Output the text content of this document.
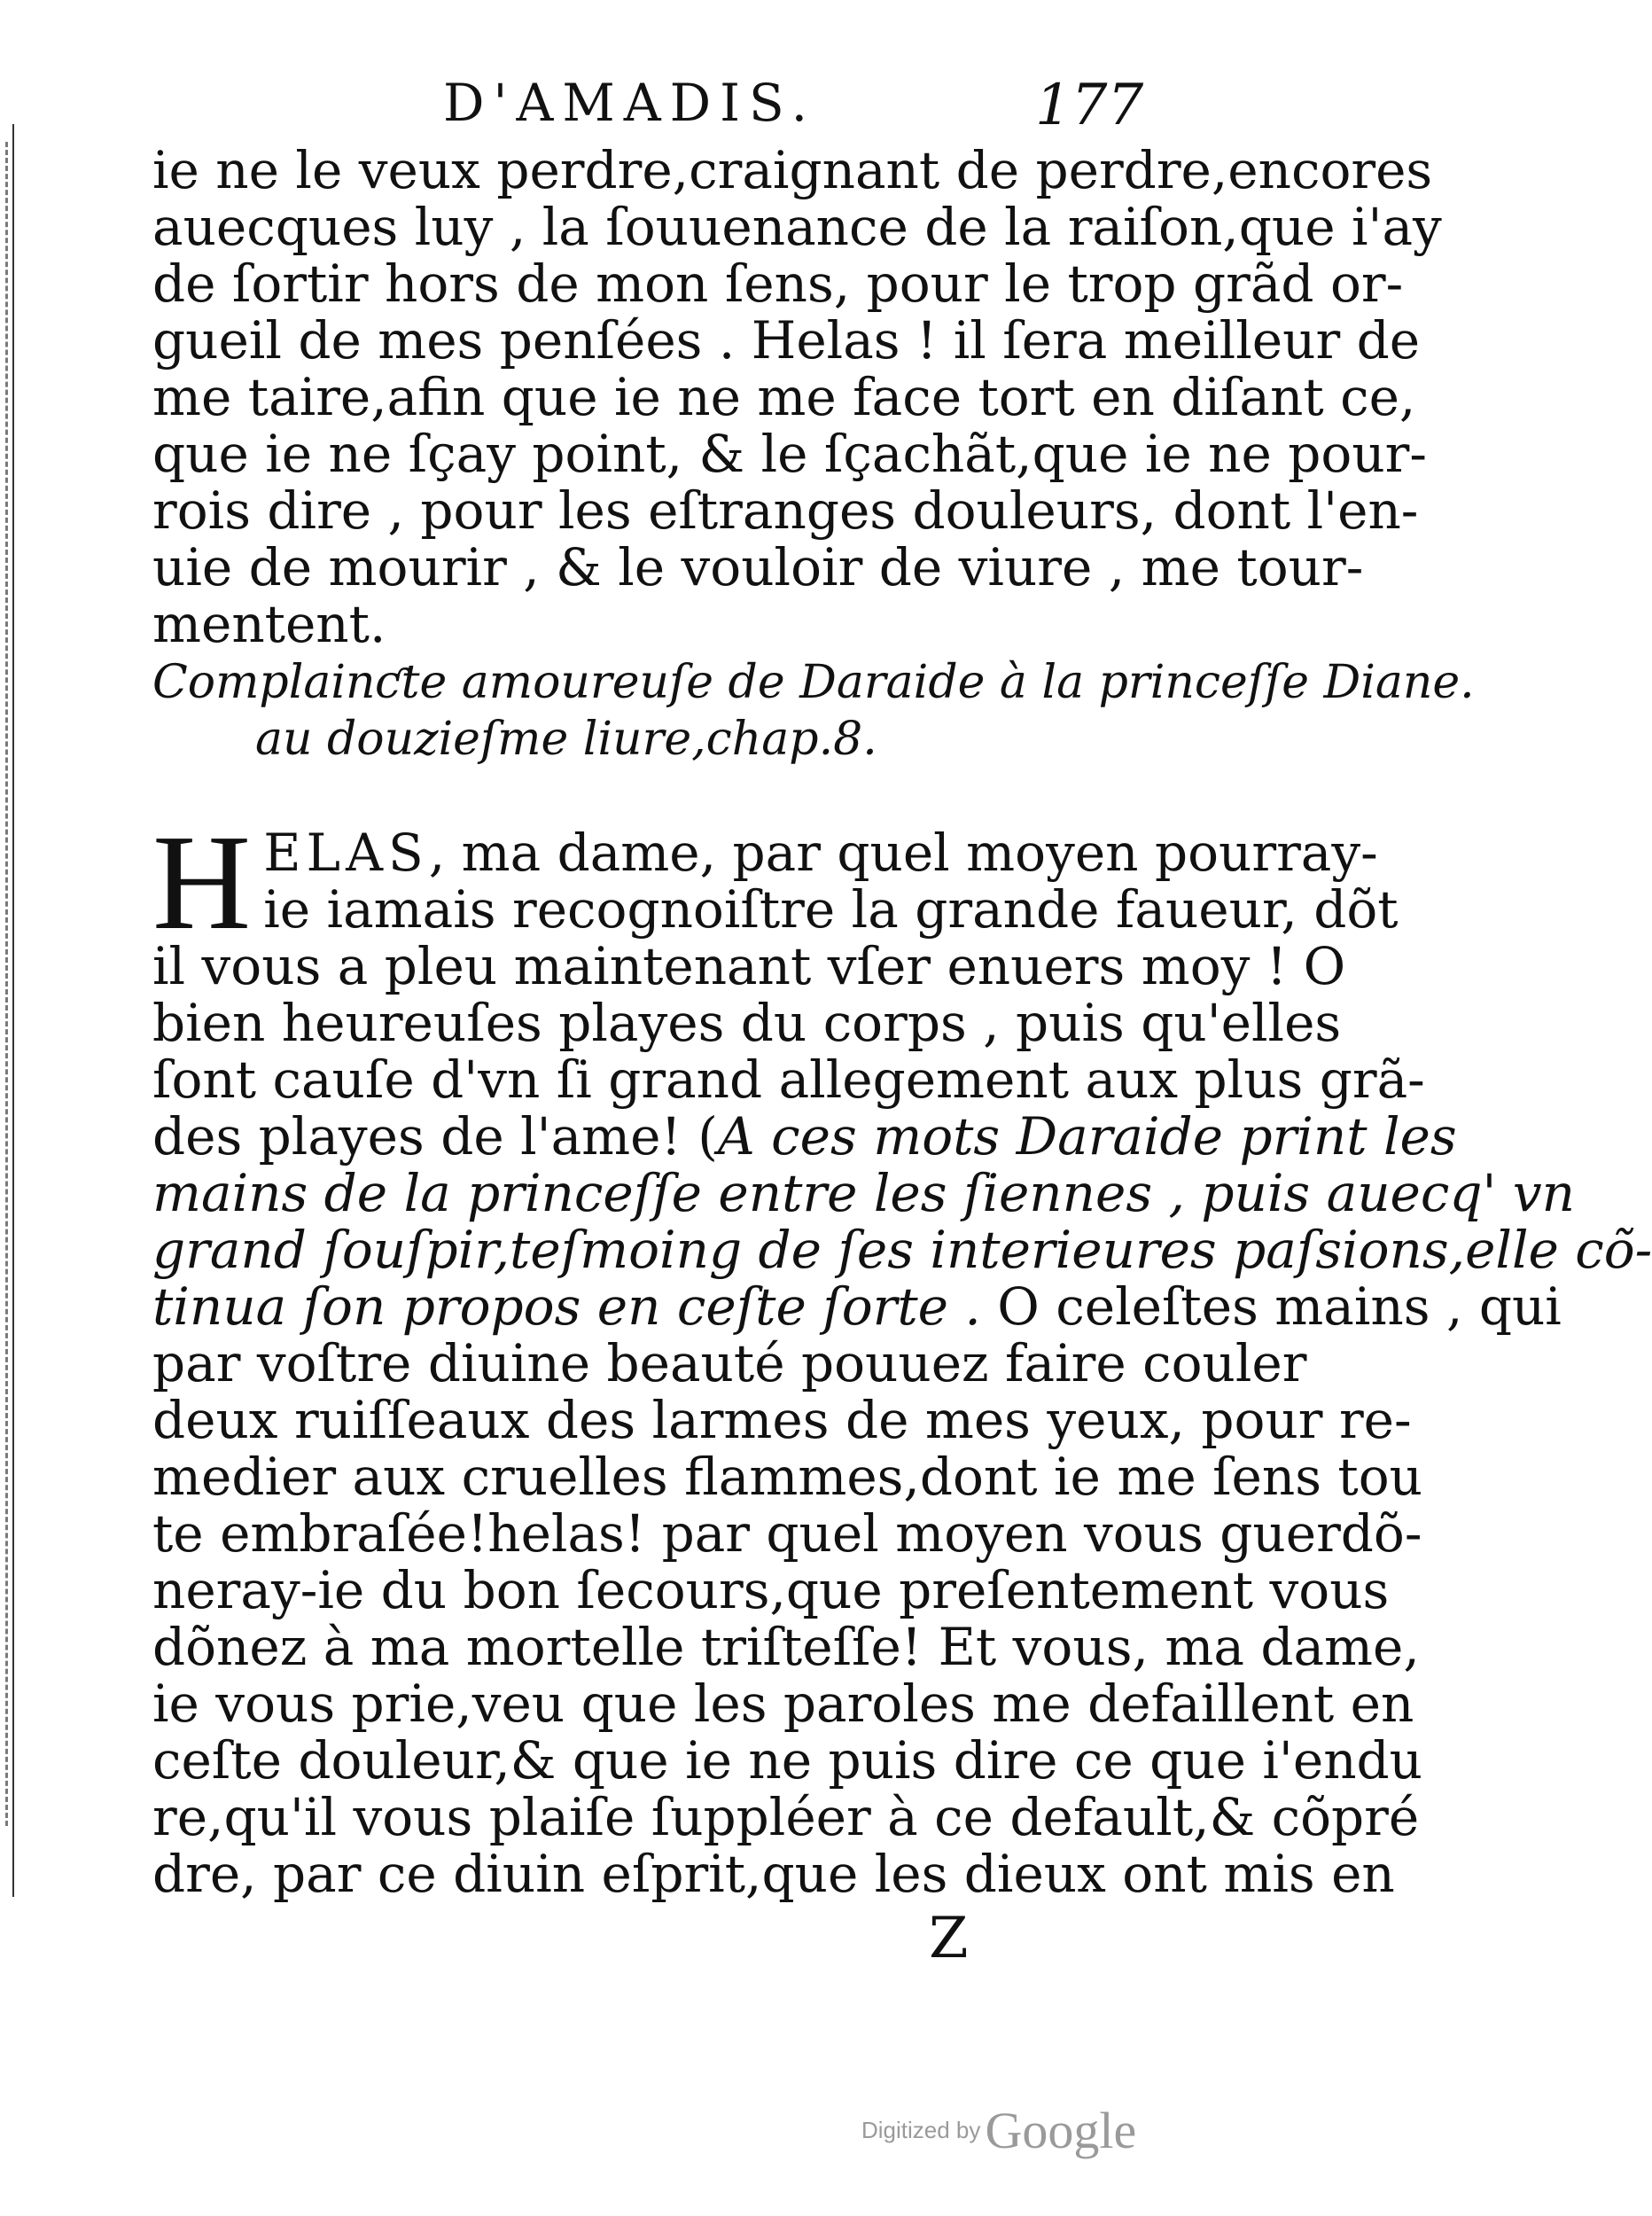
D'AMADIS.	177
ie ne le veux perdre,craignant de perdre,encores
auecques luy , la ſouuenance de la raiſon,que i'ay
de ſortir hors de mon ſens, pour le trop grãd or-
gueil de mes penſées . Helas ! il ſera meilleur de
me taire,afin que ie ne me face tort en diſant ce,
que ie ne ſçay point, & le ſçachãt,que ie ne pour-
rois dire , pour les eſtranges douleurs, dont l'en-
uie de mourir , & le vouloir de viure , me tour-
mentent.
Complainƈte amoureuſe de Daraide à la princeſſe Diane.
au douzieſme liure,chap.8.
H ELAS, ma dame, par quel moyen pourray-
ie iamais recognoiſtre la grande faueur, dõt
il vous a pleu maintenant vſer enuers moy ! O
bien heureuſes playes du corps , puis qu'elles
ſont cauſe d'vn ſi grand allegement aux plus grã-
des playes de l'ame! (A ces mots Daraide print les
mains de la princeſſe entre les ſiennes , puis auecq' vn
grand ſouſpir,teſmoing de ſes interieures paſsions,elle cõ-
tinua ſon propos en ceſte ſorte . O celeſtes mains , qui
par voſtre diuine beauté pouuez faire couler
deux ruiſſeaux des larmes de mes yeux, pour re-
medier aux cruelles flammes,dont ie me ſens tou
te embraſée!helas! par quel moyen vous guerdõ-
neray-ie du bon ſecours,que preſentement vous
dõnez à ma mortelle triſteſſe! Et vous, ma dame,
ie vous prie,veu que les paroles me defaillent en
ceſte douleur,& que ie ne puis dire ce que i'endu
re,qu'il vous plaiſe ſuppléer à ce default,& cõpré
dre, par ce diuin eſprit,que les dieux ont mis en
Z
Digitized by Google
